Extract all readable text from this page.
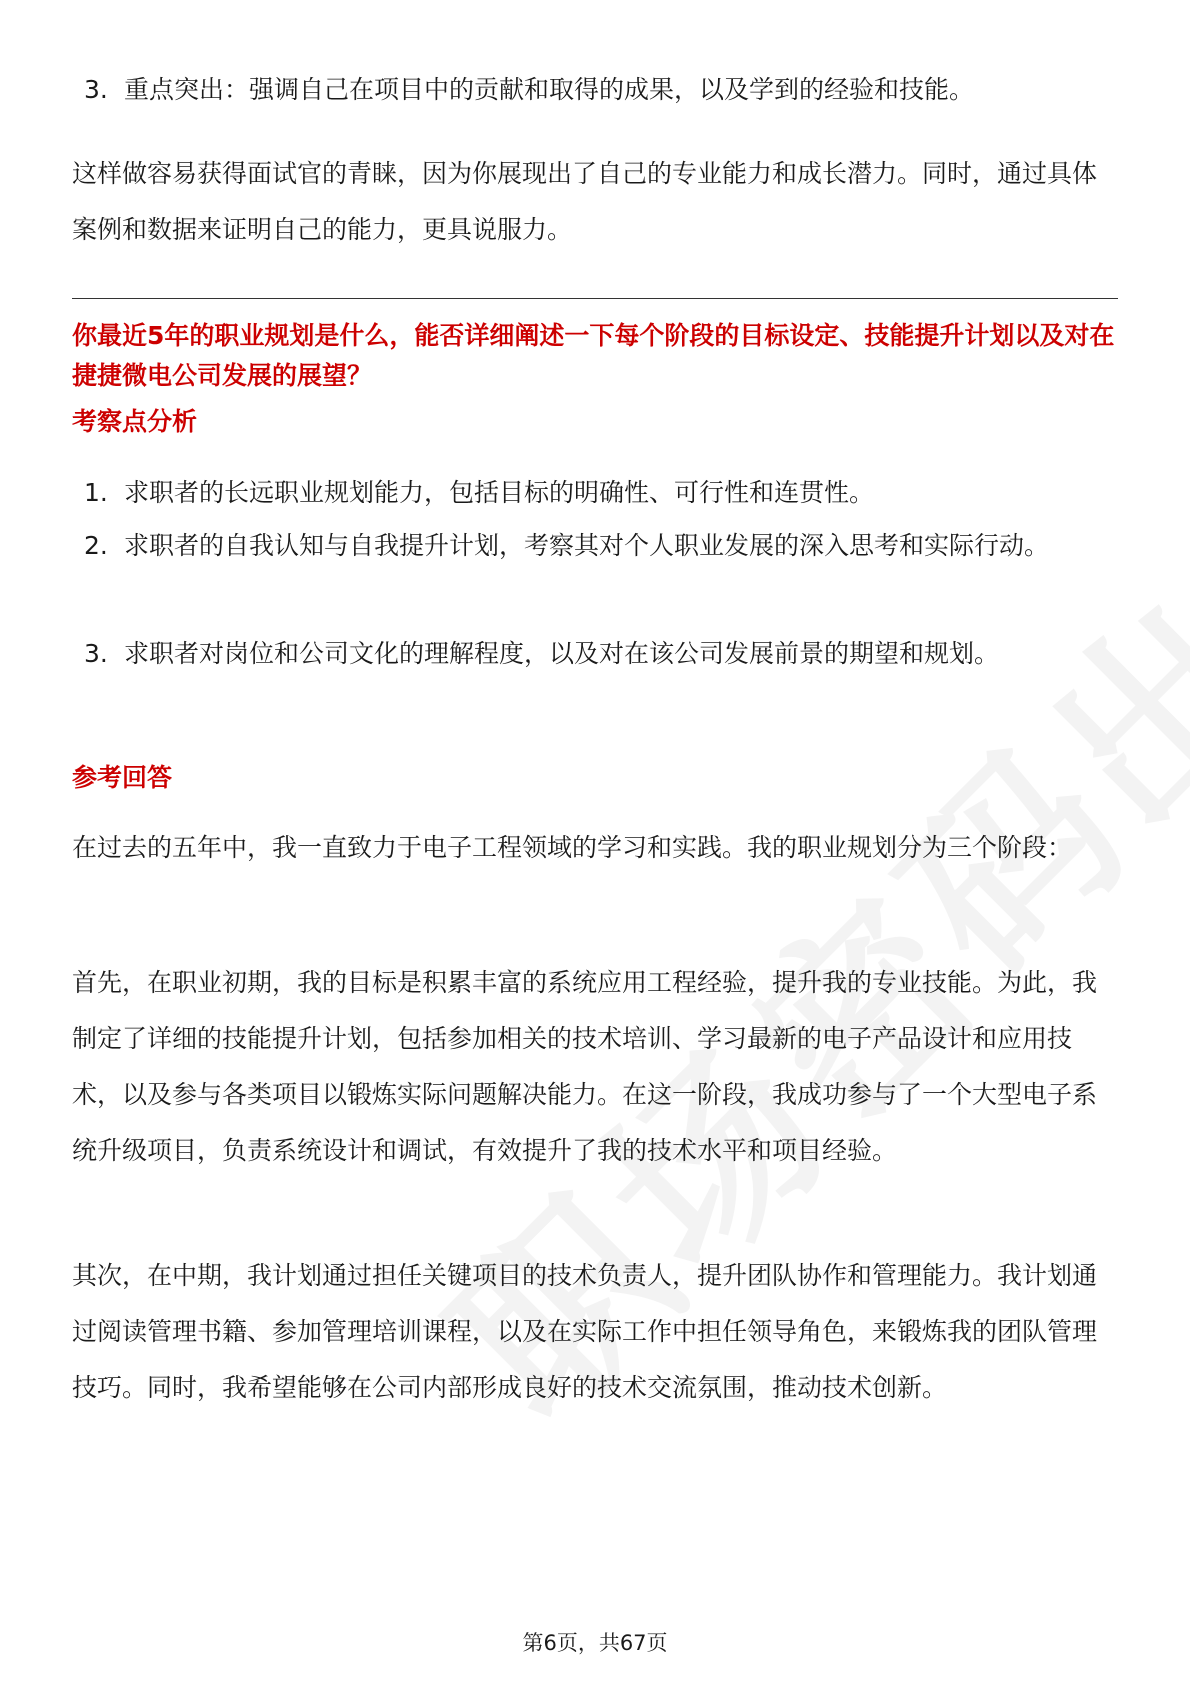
3. 重点突出：强调自己在项目中的贡献和取得的成果，以及学到的经验和技能。

这样做容易获得面试官的青睐，因为你展现出了自己的专业能力和成长潜力。同时，通过具体案例和数据来证明自己的能力，更具说服力。

你最近5年的职业规划是什么，能否详细阐述一下每个阶段的目标设定、技能提升计划以及对在捷捷微电公司发展的展望？
考察点分析
1. 求职者的长远职业规划能力，包括目标的明确性、可行性和连贯性。
2. 求职者的自我认知与自我提升计划，考察其对个人职业发展的深入思考和实际行动。
3. 求职者对岗位和公司文化的理解程度，以及对在该公司发展前景的期望和规划。
参考回答

在过去的五年中，我一直致力于电子工程领域的学习和实践。我的职业规划分为三个阶段：

首先，在职业初期，我的目标是积累丰富的系统应用工程经验，提升我的专业技能。为此，我制定了详细的技能提升计划，包括参加相关的技术培训、学习最新的电子产品设计和应用技术，以及参与各类项目以锻炼实际问题解决能力。在这一阶段，我成功参与了一个大型电子系统升级项目，负责系统设计和调试，有效提升了我的技术水平和项目经验。

其次，在中期，我计划通过担任关键项目的技术负责人，提升团队协作和管理能力。我计划通过阅读管理书籍、参加管理培训课程，以及在实际工作中担任领导角色，来锻炼我的团队管理技巧。同时，我希望能够在公司内部形成良好的技术交流氛围，推动技术创新。

第6页，共67页
